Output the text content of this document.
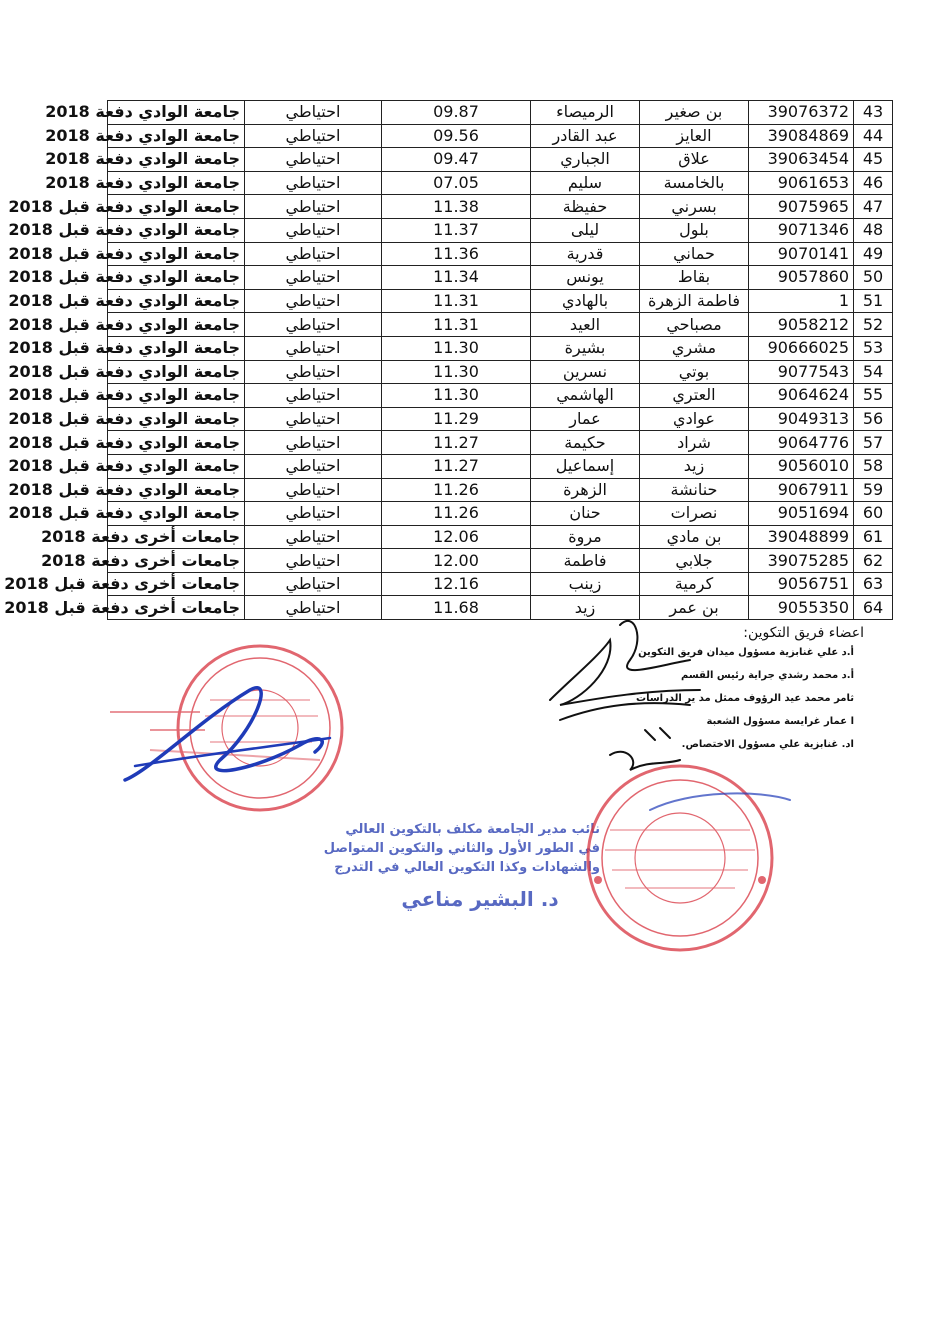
43	39076372	بن صغير	الرميصاء	09.87	احتياطي	جامعة الوادي دفعة 2018
44	39084869	العايز	عبد القادر	09.56	احتياطي	جامعة الوادي دفعة 2018
45	39063454	علاق	الجباري	09.47	احتياطي	جامعة الوادي دفعة 2018
46	9061653	بالخامسة	سليم	07.05	احتياطي	جامعة الوادي دفعة 2018
47	9075965	بسرني	حفيظة	11.38	احتياطي	جامعة الوادي دفعة قبل 2018
48	9071346	بلول	ليلى	11.37	احتياطي	جامعة الوادي دفعة قبل 2018
49	9070141	حماني	قدرية	11.36	احتياطي	جامعة الوادي دفعة قبل 2018
50	9057860	بقاط	يونس	11.34	احتياطي	جامعة الوادي دفعة قبل 2018
51	1	فاطمة الزهرة	بالهادي	11.31	احتياطي	جامعة الوادي دفعة قبل 2018
52	9058212	مصباحي	العيد	11.31	احتياطي	جامعة الوادي دفعة قبل 2018
53	90666025	مشري	بشيرة	11.30	احتياطي	جامعة الوادي دفعة قبل 2018
54	9077543	بوتي	نسرين	11.30	احتياطي	جامعة الوادي دفعة قبل 2018
55	9064624	العتري	الهاشمي	11.30	احتياطي	جامعة الوادي دفعة قبل 2018
56	9049313	عوادي	عمار	11.29	احتياطي	جامعة الوادي دفعة قبل 2018
57	9064776	شراد	حكيمة	11.27	احتياطي	جامعة الوادي دفعة قبل 2018
58	9056010	زيد	إسماعيل	11.27	احتياطي	جامعة الوادي دفعة قبل 2018
59	9067911	حنانشة	الزهرة	11.26	احتياطي	جامعة الوادي دفعة قبل 2018
60	9051694	نصرات	حنان	11.26	احتياطي	جامعة الوادي دفعة قبل 2018
61	39048899	بن مادي	مروة	12.06	احتياطي	جامعات أخرى دفعة 2018
62	39075285	جلابي	فاطمة	12.00	احتياطي	جامعات أخرى دفعة 2018
63	9056751	كرمية	زينب	12.16	احتياطي	جامعات أخرى دفعة قبل 2018
64	9055350	بن عمر	زيد	11.68	احتياطي	جامعات أخرى دفعة قبل 2018
اعضاء فريق التكوين:
أ.د علي غنابزية مسؤول ميدان فريق التكوين
أ.د محمد رشدي جراية رئيس القسم
ثامر محمد عيد الرؤوف ممثل مد ير الدراسات
ا عمار غرايسة مسؤول الشعبة
اد. غنابزية علي مسؤول الاختصاص.
نائب مدير الجامعة مكلف بالتكوين العالي
في الطور الأول والثاني والتكوين المتواصل
والشهادات وكذا التكوين العالي في التدرج
د. البشير مناعي
